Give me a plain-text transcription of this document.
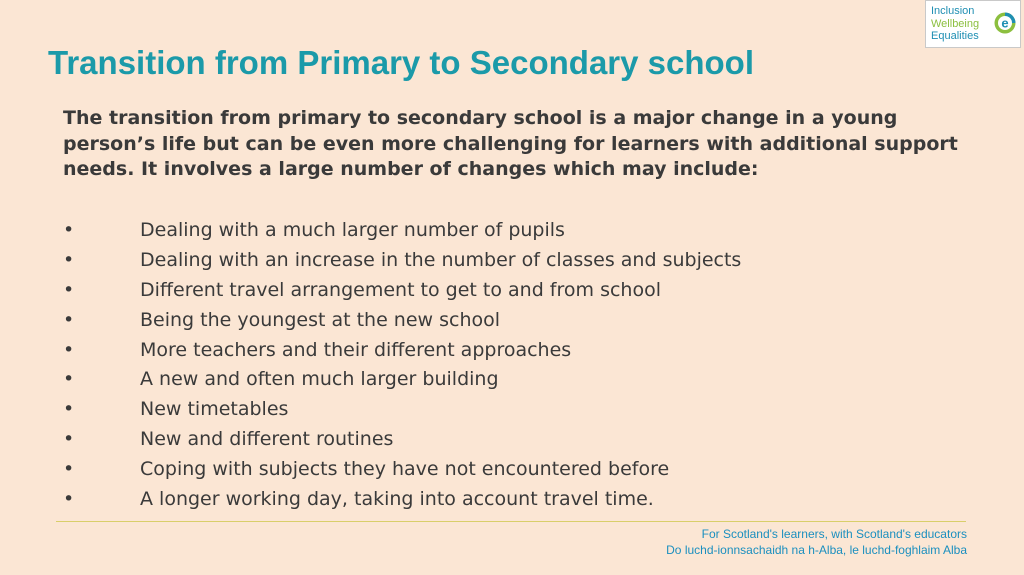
Transition from Primary to Secondary school
Inclusion
Wellbeing
Equalities
e

The transition from primary to secondary school is a major change in a young person’s life but can be even more challenging for learners with additional support needs. It involves a large number of changes which may include:

•	Dealing with a much larger number of pupils
•	Dealing with an increase in the number of classes and subjects
•	Different travel arrangement to get to and from school
•	Being the youngest at the new school
•	More teachers and their different approaches
•	A new and often much larger building
•	New timetables
•	New and different routines
•	Coping with subjects they have not encountered before
•	A longer working day, taking into account travel time.
For Scotland's learners, with Scotland's educators
Do luchd-ionnsachaidh na h-Alba, le luchd-foghlaim Alba
